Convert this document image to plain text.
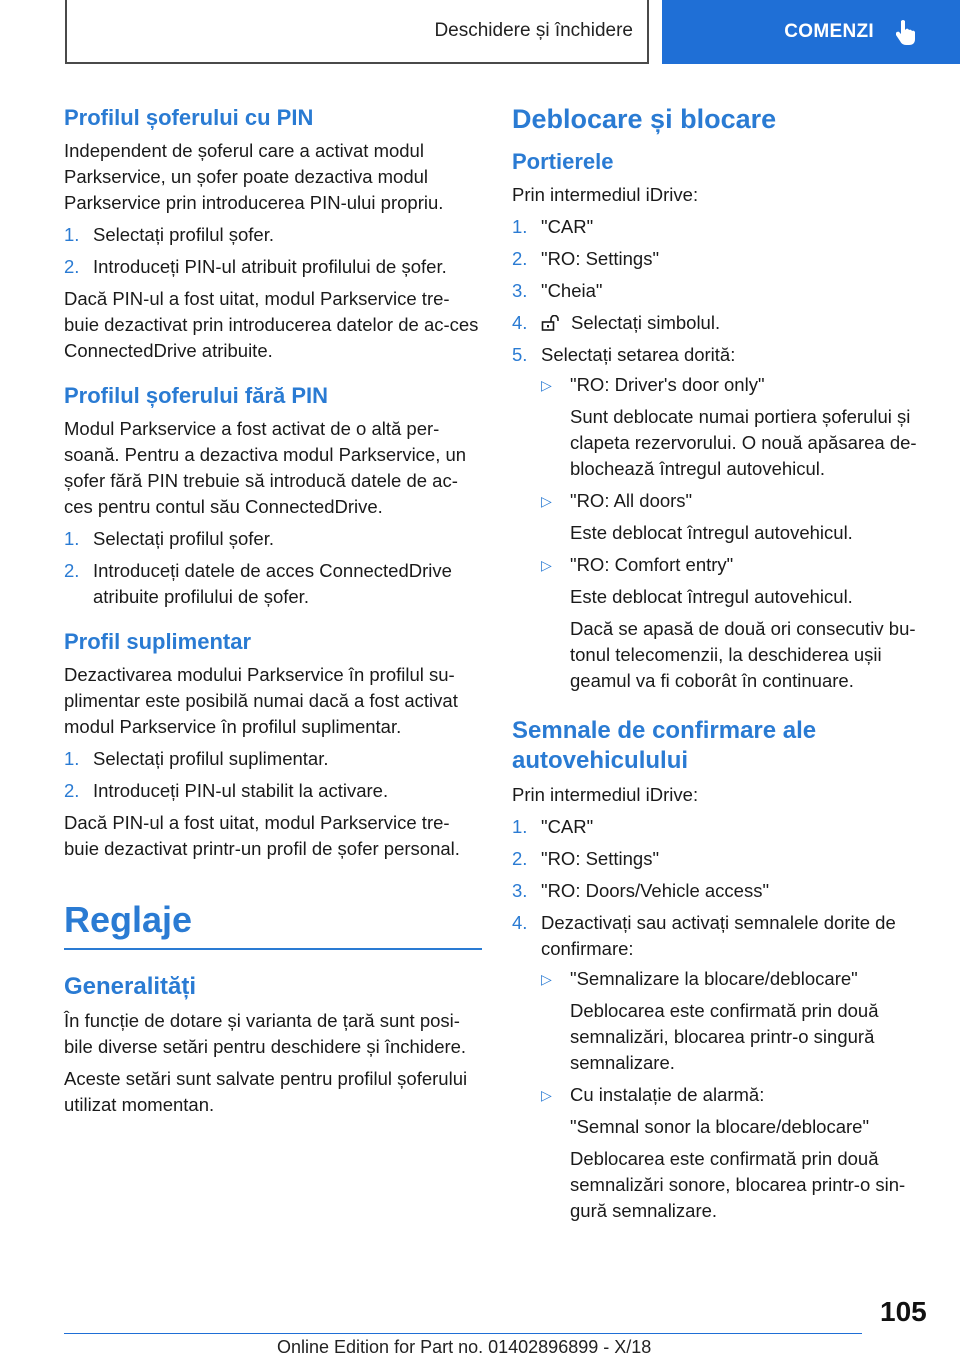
Deschidere și închidere	COMENZI
Profilul șoferului cu PIN

Independent de șoferul care a activat modul Parkservice, un șofer poate dezactiva modul Parkservice prin introducerea PIN-ului propriu.

1. Selectați profilul șofer.
2. Introduceți PIN-ul atribuit profilului de șofer.

Dacă PIN-ul a fost uitat, modul Parkservice tre‐buie dezactivat prin introducerea datelor de ac‐ces ConnectedDrive atribuite.

Profilul șoferului fără PIN

Modul Parkservice a fost activat de o altă per‐soană. Pentru a dezactiva modul Parkservice, un șofer fără PIN trebuie să introducă datele de ac‐ces pentru contul său ConnectedDrive.

1. Selectați profilul șofer.
2. Introduceți datele de acces ConnectedDrive atribuite profilului de șofer.
Profil suplimentar

Dezactivarea modului Parkservice în profilul su‐plimentar este posibilă numai dacă a fost activat modul Parkservice în profilul suplimentar.

1. Selectați profilul suplimentar.
2. Introduceți PIN-ul stabilit la activare.

Dacă PIN-ul a fost uitat, modul Parkservice tre‐buie dezactivat printr-un profil de șofer personal.

Reglaje
Generalități

În funcție de dotare și varianta de țară sunt posi‐bile diverse setări pentru deschidere și închidere.

Aceste setări sunt salvate pentru profilul șoferului utilizat momentan.

Deblocare și blocare
Portierele

Prin intermediul iDrive:

1. "CAR"
2. "RO: Settings"
3. "Cheia"
4. Selectați simbolul.
5. Selectați setarea dorită:
▷ "RO: Driver's door only"
Sunt deblocate numai portiera șoferului și clapeta rezervorului. O nouă apăsarea de‐blochează întregul autovehicul.
▷ "RO: All doors"
Este deblocat întregul autovehicul.
▷ "RO: Comfort entry"
Este deblocat întregul autovehicul.
Dacă se apasă de două ori consecutiv bu‐tonul telecomenzii, la deschiderea ușii geamul va fi coborât în continuare.
Semnale de confirmare ale autovehiculului

Prin intermediul iDrive:

1. "CAR"
2. "RO: Settings"
3. "RO: Doors/Vehicle access"
4. Dezactivați sau activați semnalele dorite de confirmare:
▷ "Semnalizare la blocare/deblocare"
Deblocarea este confirmată prin două semnalizări, blocarea printr-o singură semnalizare.
▷ Cu instalație de alarmă:
"Semnal sonor la blocare/deblocare"
Deblocarea este confirmată prin două semnalizări sonore, blocarea printr-o sin‐gură semnalizare.
105
Online Edition for Part no. 01402896899 - X/18
